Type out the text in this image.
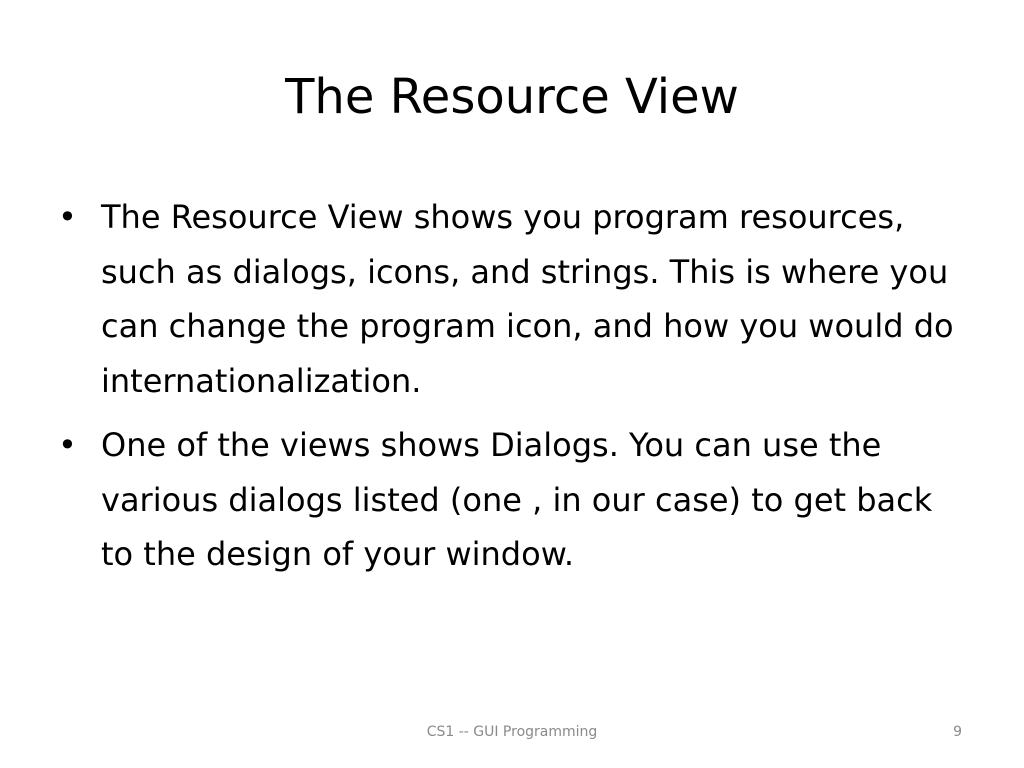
The Resource View
• The Resource View shows you program resources, such as dialogs, icons, and strings. This is where you can change the program icon, and how you would do internationalization.
• One of the views shows Dialogs. You can use the various dialogs listed (one , in our case) to get back to the design of your window.
CS1 -- GUI Programming	9
